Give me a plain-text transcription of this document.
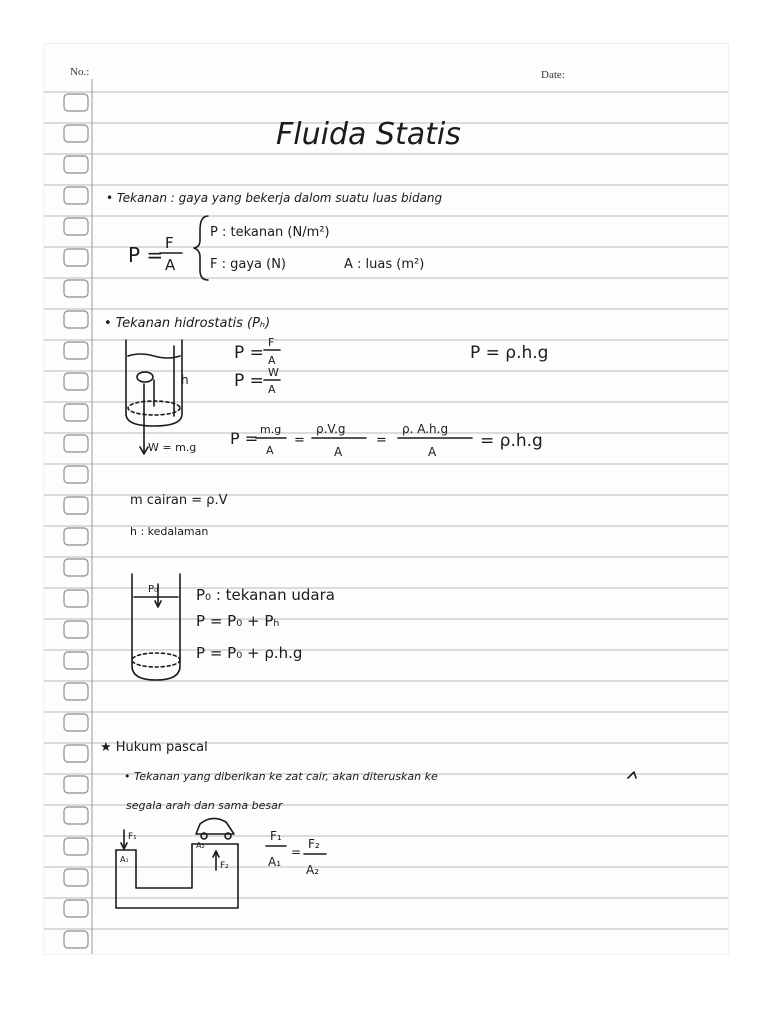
No.:	Date:
Fluida Statis
• Tekanan : gaya yang bekerja dalom suatu luas bidang
P = F
A
P : tekanan (N/m²)
F : gaya (N)	A : luas (m²)
• Tekanan hidrostatis (Pₕ)
h
W = m.g
P =
F
A
P = W
A
P = ρ.h.g
P = m.g
A
=
ρ.V.g
A
=
ρ. A.h.g
A
= ρ.h.g
m cairan = ρ.V
h : kedalaman
P₀	P₀ : tekanan udara
P = P₀ + Pₕ
P = P₀ + ρ.h.g
★ Hukum pascal
• Tekanan yang diberikan ke zat cair, akan diteruskan ke
segala arah dan sama besar
F₁
F₂
A₁
A₂
F₁
A₁
=
F₂
A₂
